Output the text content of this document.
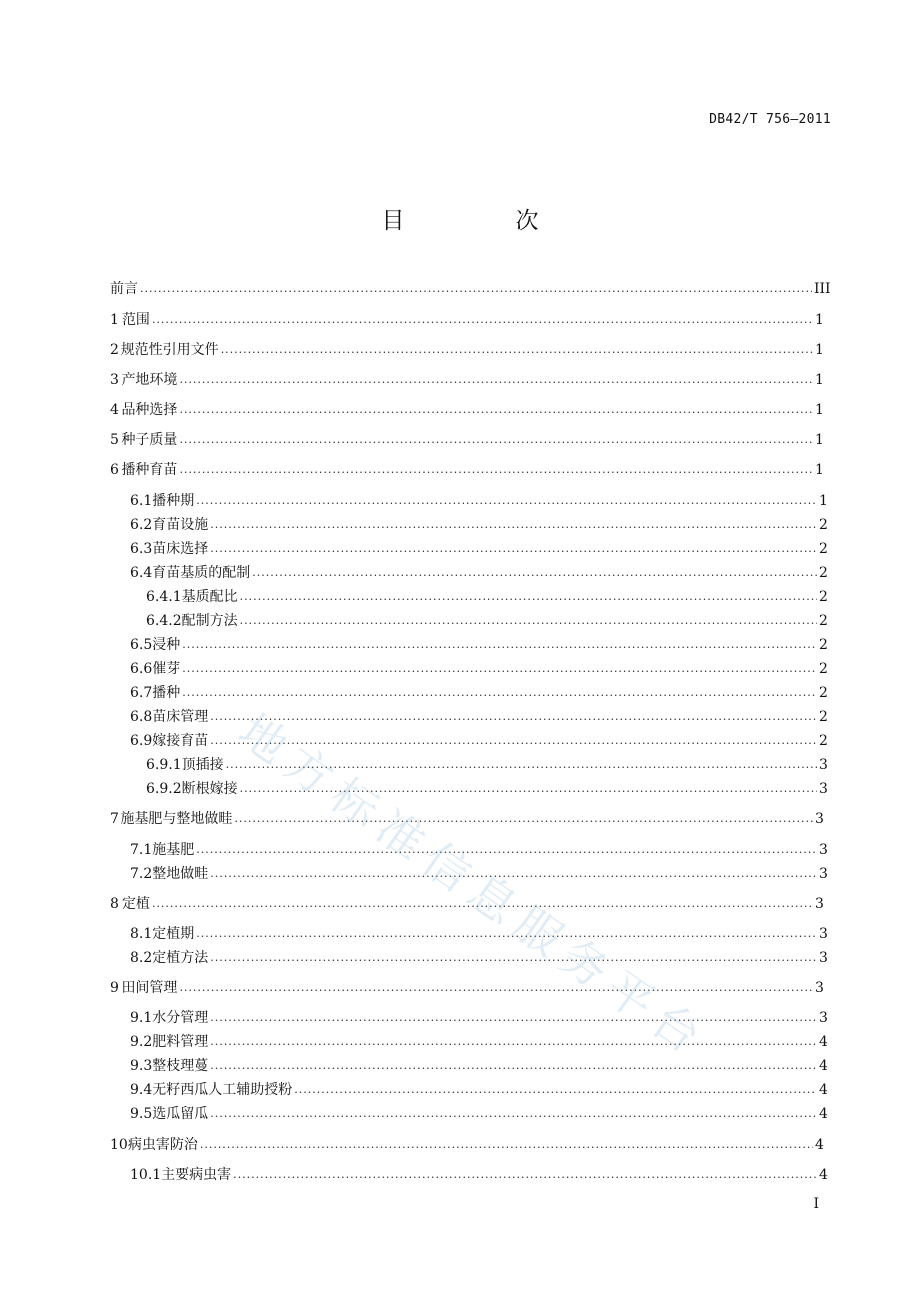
DB42/T 756—2011
目　次
前言 .....	III
1 范围 .....	1
2 规范性引用文件 .....	1
3 产地环境 .....	1
4 品种选择 .....	1
5 种子质量 .....	1
6 播种育苗 .....	1
6.1 播种期 .....	1
6.2 育苗设施 .....	2
6.3 苗床选择 .....	2
6.4 育苗基质的配制 .....	2
6.4.1 基质配比 .....	2
6.4.2 配制方法 .....	2
6.5 浸种 .....	2
6.6 催芽 .....	2
6.7 播种 .....	2
6.8 苗床管理 .....	2
6.9 嫁接育苗 .....	2
6.9.1 顶插接 .....	3
6.9.2 断根嫁接 .....	3
7 施基肥与整地做畦 .....	3
7.1 施基肥 .....	3
7.2 整地做畦 .....	3
8 定植 .....	3
8.1 定植期 .....	3
8.2 定植方法 .....	3
9 田间管理 .....	3
9.1 水分管理 .....	3
9.2 肥料管理 .....	4
9.3 整枝理蔓 .....	4
9.4 无籽西瓜人工辅助授粉 .....	4
9.5 选瓜留瓜 .....	4
10 病虫害防治 .....	4
10.1 主要病虫害 .....	4
地方标准信息服务平台
I
